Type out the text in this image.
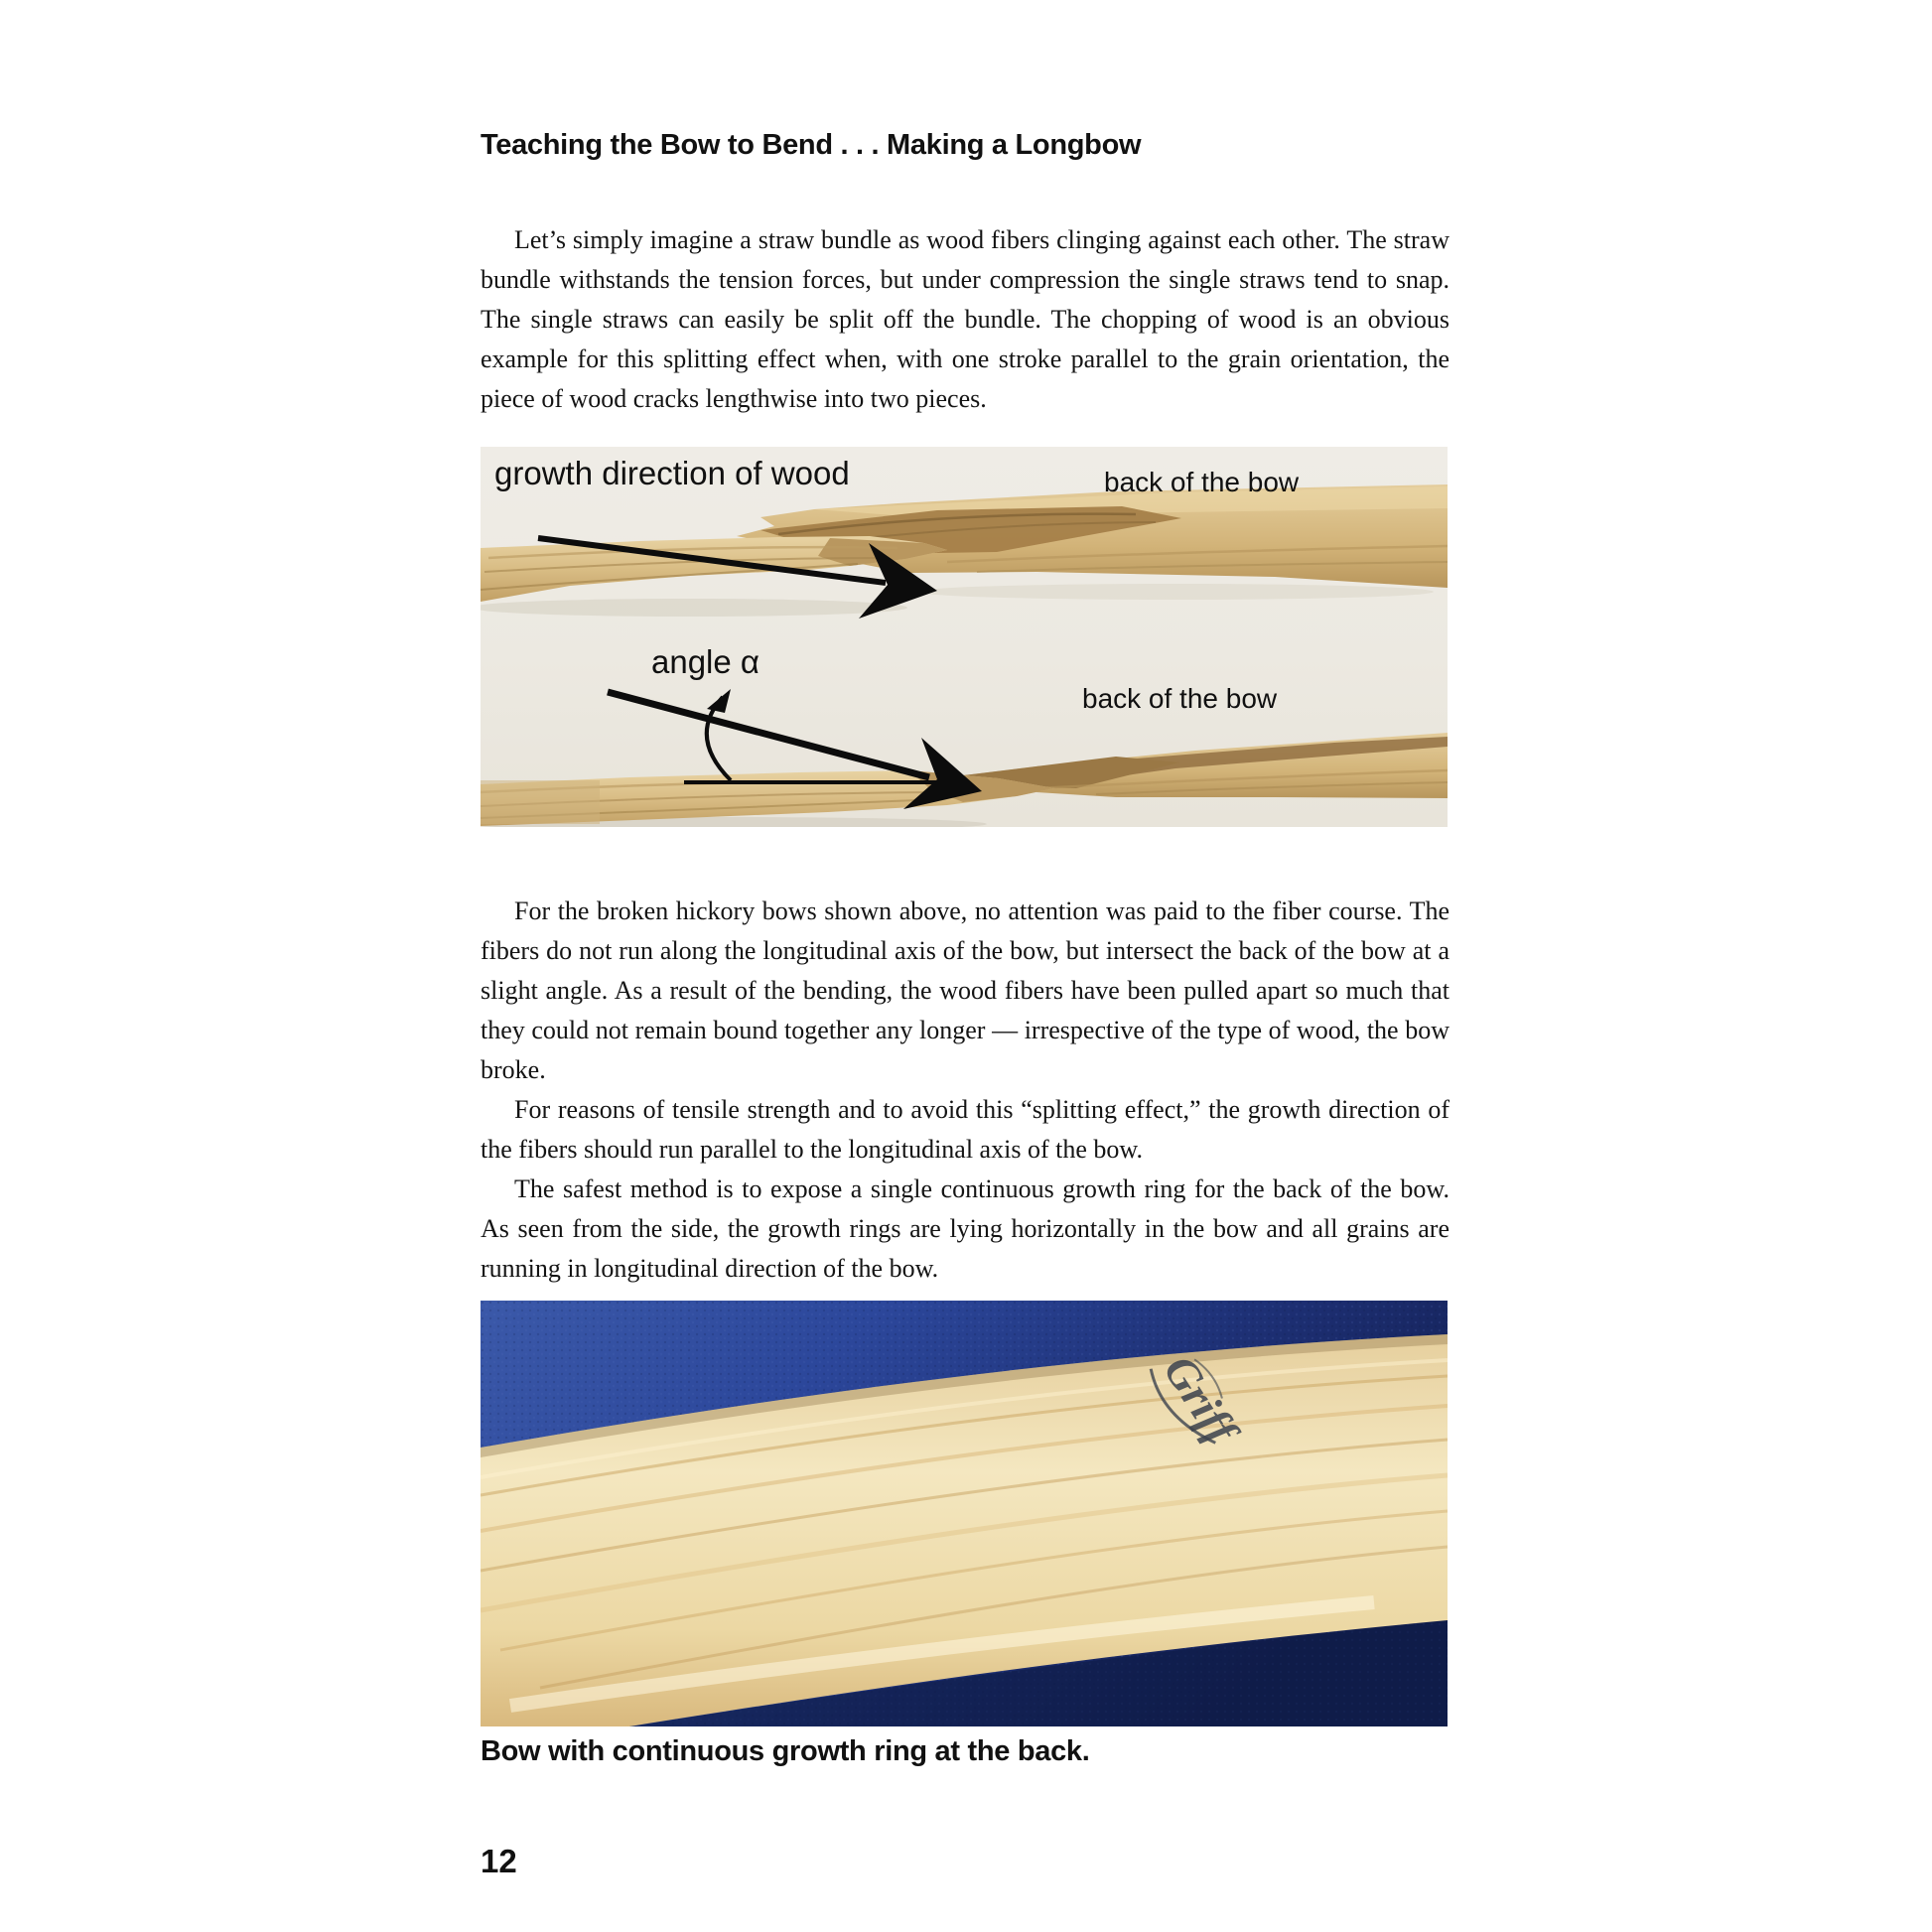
Teaching the Bow to Bend . . . Making a Longbow

Let’s simply imagine a straw bundle as wood fibers clinging against each other. The straw bundle withstands the tension forces, but under compression the single straws tend to snap. The single straws can easily be split off the bundle. The chopping of wood is an obvious example for this splitting effect when, with one stroke parallel to the grain orientation, the piece of wood cracks lengthwise into two pieces.

growth direction of wood	back of the bow
angle α
back of the bow

For the broken hickory bows shown above, no attention was paid to the fiber course. The fibers do not run along the longitudinal axis of the bow, but intersect the back of the bow at a slight angle. As a result of the bending, the wood fibers have been pulled apart so much that they could not remain bound together any longer — irrespective of the type of wood, the bow broke.

For reasons of tensile strength and to avoid this “splitting effect,” the growth direction of the fibers should run parallel to the longitudinal axis of the bow.

The safest method is to expose a single continuous growth ring for the back of the bow. As seen from the side, the growth rings are lying horizontally in the bow and all grains are running in longitudinal direction of the bow.

Griff
Bow with continuous growth ring at the back.
12
